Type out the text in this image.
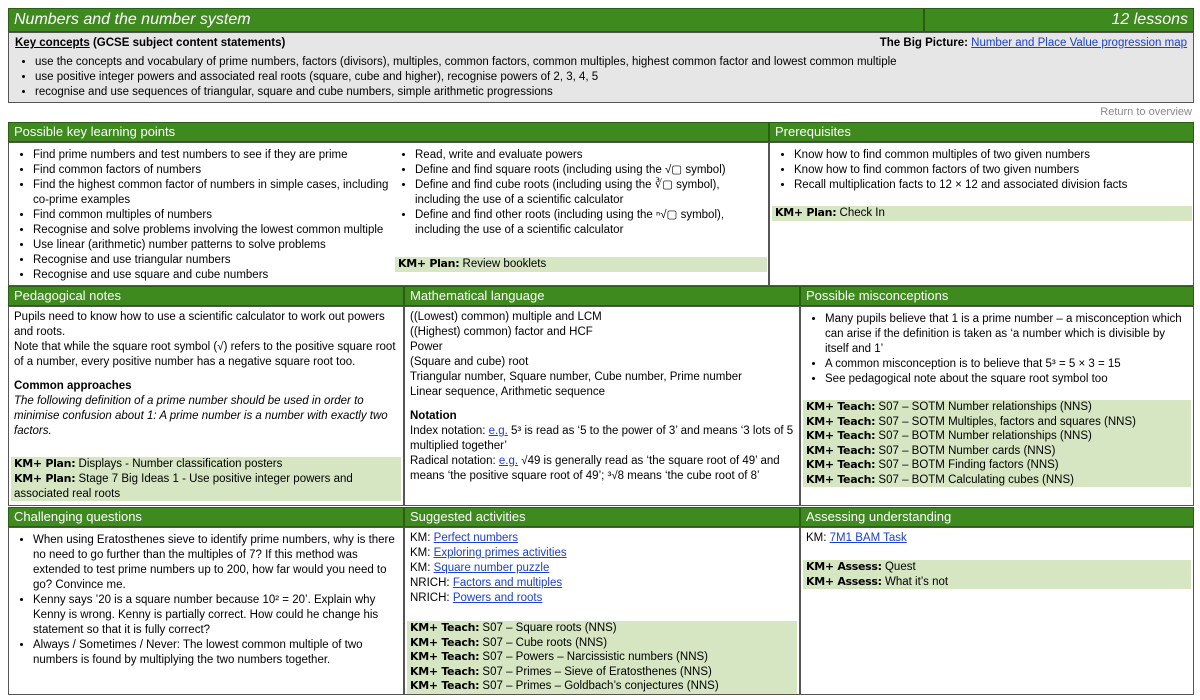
Numbers and the number system	12 lessons
Key concepts (GCSE subject content statements)	The Big Picture: Number and Place Value progression map
• use the concepts and vocabulary of prime numbers, factors (divisors), multiples, common factors, common multiples, highest common factor and lowest common multiple
• use positive integer powers and associated real roots (square, cube and higher), recognise powers of 2, 3, 4, 5
• recognise and use sequences of triangular, square and cube numbers, simple arithmetic progressions
Return to overview
Possible key learning points	Prerequisites
• Find prime numbers and test numbers to see if they are prime
• Find common factors of numbers
• Find the highest common factor of numbers in simple cases, including co-prime examples
• Find common multiples of numbers
• Recognise and solve problems involving the lowest common multiple
• Use linear (arithmetic) number patterns to solve problems
• Recognise and use triangular numbers
• Recognise and use square and cube numbers
• Read, write and evaluate powers
• Define and find square roots (including using the √▢ symbol)
• Define and find cube roots (including using the ∛▢ symbol), including the use of a scientific calculator
• Define and find other roots (including using the ⁿ√▢ symbol), including the use of a scientific calculator
KM+ Plan: Review booklets
• Know how to find common multiples of two given numbers
• Know how to find common factors of two given numbers
• Recall multiplication facts to 12 × 12 and associated division facts
KM+ Plan: Check In
Pedagogical notes	Mathematical language	Possible misconceptions

Pupils need to know how to use a scientific calculator to work out powers and roots.

Note that while the square root symbol (√) refers to the positive square root of a number, every positive number has a negative square root too.

Common approaches

The following definition of a prime number should be used in order to minimise confusion about 1: A prime number is a number with exactly two factors.

KM+ Plan: Displays - Number classification posters
KM+ Plan: Stage 7 Big Ideas 1 - Use positive integer powers and associated real roots

((Lowest) common) multiple and LCM

((Highest) common) factor and HCF

Power

(Square and cube) root

Triangular number, Square number, Cube number, Prime number

Linear sequence, Arithmetic sequence

Notation

Index notation: e.g. 5³ is read as ‘5 to the power of 3’ and means ‘3 lots of 5 multiplied together’

Radical notation: e.g. √49 is generally read as ‘the square root of 49’ and means ‘the positive square root of 49’; ³√8 means ‘the cube root of 8’

• Many pupils believe that 1 is a prime number – a misconception which can arise if the definition is taken as ‘a number which is divisible by itself and 1’
• A common misconception is to believe that 5³ = 5 × 3 = 15
• See pedagogical note about the square root symbol too
KM+ Teach: S07 – SOTM Number relationships (NNS)
KM+ Teach: S07 – SOTM Multiples, factors and squares (NNS)
KM+ Teach: S07 – BOTM Number relationships (NNS)
KM+ Teach: S07 – BOTM Number cards (NNS)
KM+ Teach: S07 – BOTM Finding factors (NNS)
KM+ Teach: S07 – BOTM Calculating cubes (NNS)
Challenging questions	Suggested activities	Assessing understanding
• When using Eratosthenes sieve to identify prime numbers, why is there no need to go further than the multiples of 7? If this method was extended to test prime numbers up to 200, how far would you need to go? Convince me.
• Kenny says ’20 is a square number because 10² = 20’. Explain why Kenny is wrong. Kenny is partially correct. How could he change his statement so that it is fully correct?
• Always / Sometimes / Never: The lowest common multiple of two numbers is found by multiplying the two numbers together.

KM: Perfect numbers

KM: Exploring primes activities

KM: Square number puzzle

NRICH: Factors and multiples

NRICH: Powers and roots

KM+ Teach: S07 – Square roots (NNS)
KM+ Teach: S07 – Cube roots (NNS)
KM+ Teach: S07 – Powers – Narcissistic numbers (NNS)
KM+ Teach: S07 – Primes – Sieve of Eratosthenes (NNS)
KM+ Teach: S07 – Primes – Goldbach’s conjectures (NNS)

KM: 7M1 BAM Task

KM+ Assess: Quest
KM+ Assess: What it’s not
